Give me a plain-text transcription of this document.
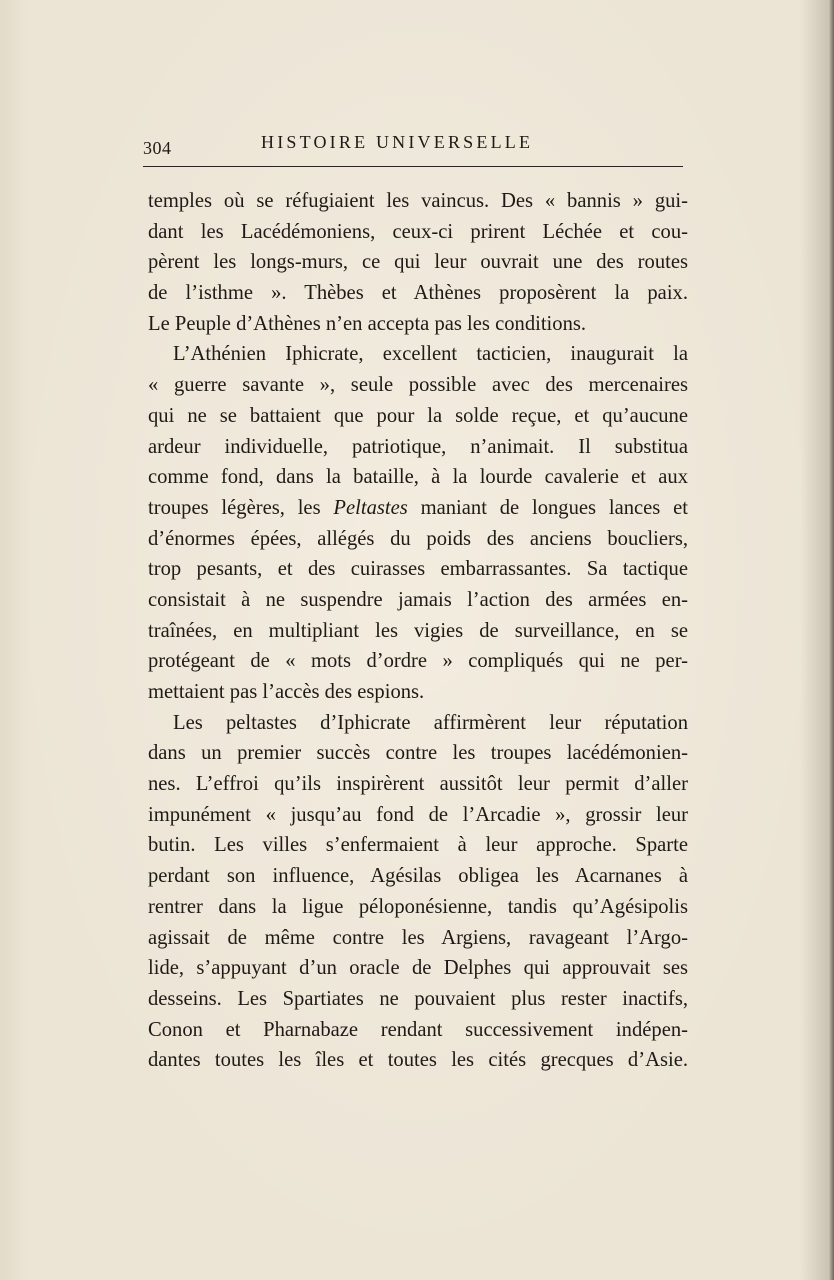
304	HISTOIRE UNIVERSELLE
temples où se réfugiaient les vaincus. Des « bannis » gui-
dant les Lacédémoniens, ceux-ci prirent Léchée et cou-
pèrent les longs-murs, ce qui leur ouvrait une des routes
de l’isthme ». Thèbes et Athènes proposèrent la paix.
Le Peuple d’Athènes n’en accepta pas les conditions.
L’Athénien Iphicrate, excellent tacticien, inaugurait la
« guerre savante », seule possible avec des mercenaires
qui ne se battaient que pour la solde reçue, et qu’aucune
ardeur individuelle, patriotique, n’animait. Il substitua
comme fond, dans la bataille, à la lourde cavalerie et aux
troupes légères, les Peltastes maniant de longues lances et
d’énormes épées, allégés du poids des anciens boucliers,
trop pesants, et des cuirasses embarrassantes. Sa tactique
consistait à ne suspendre jamais l’action des armées en-
traînées, en multipliant les vigies de surveillance, en se
protégeant de « mots d’ordre » compliqués qui ne per-
mettaient pas l’accès des espions.
Les peltastes d’Iphicrate affirmèrent leur réputation
dans un premier succès contre les troupes lacédémonien-
nes. L’effroi qu’ils inspirèrent aussitôt leur permit d’aller
impunément « jusqu’au fond de l’Arcadie », grossir leur
butin. Les villes s’enfermaient à leur approche. Sparte
perdant son influence, Agésilas obligea les Acarnanes à
rentrer dans la ligue péloponésienne, tandis qu’Agésipolis
agissait de même contre les Argiens, ravageant l’Argo-
lide, s’appuyant d’un oracle de Delphes qui approuvait ses
desseins. Les Spartiates ne pouvaient plus rester inactifs,
Conon et Pharnabaze rendant successivement indépen-
dantes toutes les îles et toutes les cités grecques d’Asie.
